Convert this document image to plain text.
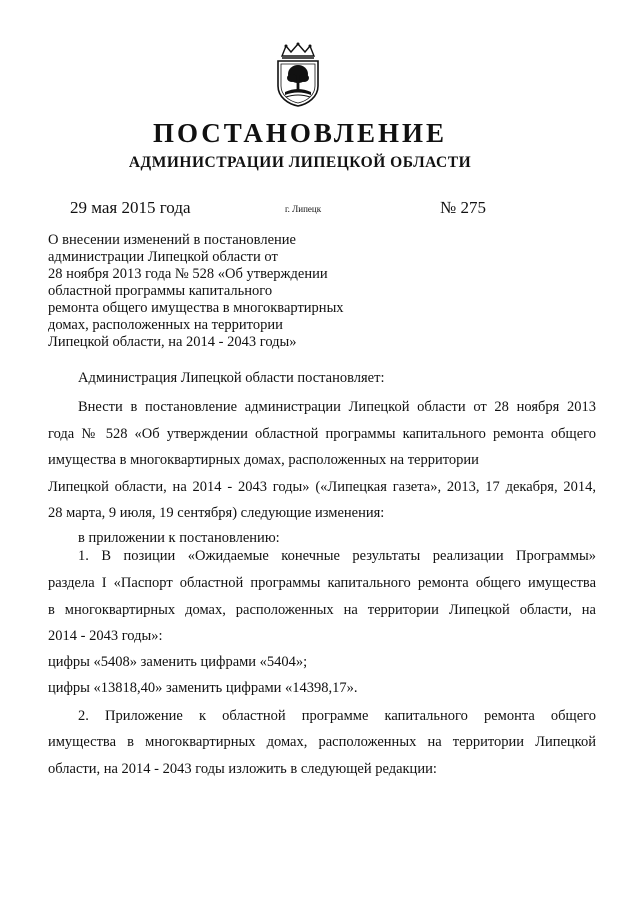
ПОСТАНОВЛЕНИЕ
АДМИНИСТРАЦИИ ЛИПЕЦКОЙ ОБЛАСТИ
29 мая 2015 года	г. Липецк	№ 275
О внесении изменений в постановление
администрации Липецкой области от
28 ноября 2013 года № 528 «Об утверждении
областной программы капитального
ремонта общего имущества в многоквартирных
домах, расположенных на территории
Липецкой области, на 2014 - 2043 годы»
Администрация Липецкой области постановляет:
Внести в постановление администрации Липецкой области от 28 ноября 2013
года № 528 «Об утверждении областной программы капитального ремонта общего
имущества в многоквартирных домах, расположенных на территории
Липецкой области, на 2014 - 2043 годы» («Липецкая газета», 2013, 17 декабря, 2014,
28 марта, 9 июля, 19 сентября) следующие изменения:
в приложении к постановлению:
1. В позиции «Ожидаемые конечные результаты реализации Программы»
раздела I «Паспорт областной программы капитального ремонта общего имущества
в многоквартирных домах, расположенных на территории Липецкой области, на
2014 - 2043 годы»:
цифры «5408» заменить цифрами «5404»;
цифры «13818,40» заменить цифрами «14398,17».
2. Приложение к областной программе капитального ремонта общего
имущества в многоквартирных домах, расположенных на территории Липецкой
области, на 2014 - 2043 годы изложить в следующей редакции:
